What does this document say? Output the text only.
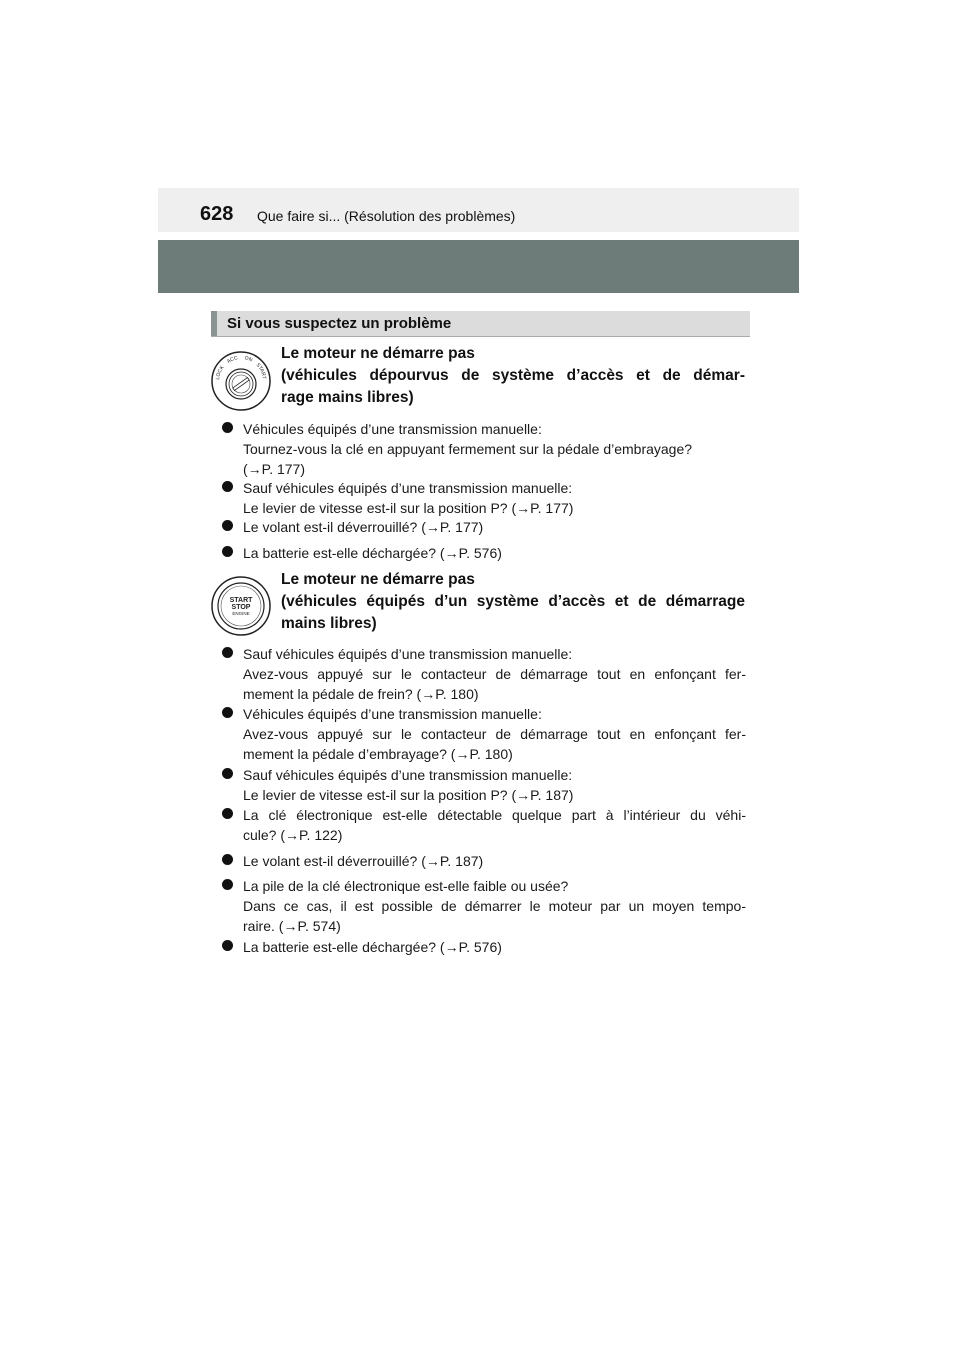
628 Que faire si... (Résolution des problèmes)
Si vous suspectez un problème
LOCK
ACC ON
START
Le moteur ne démarre pas
(véhicules dépourvus de système d’accès et de démar-
rage mains libres)
Véhicules équipés d’une transmission manuelle:
Tournez-vous la clé en appuyant fermement sur la pédale d’embrayage?
(→P. 177)
Sauf véhicules équipés d’une transmission manuelle:
Le levier de vitesse est-il sur la position P? (→P. 177)
Le volant est-il déverrouillé? (→P. 177)
La batterie est-elle déchargée? (→P. 576)
START
STOP
ENGINE
Le moteur ne démarre pas
(véhicules équipés d’un système d’accès et de démarrage
mains libres)
Sauf véhicules équipés d’une transmission manuelle:
Avez-vous appuyé sur le contacteur de démarrage tout en enfonçant fer-
mement la pédale de frein? (→P. 180)
Véhicules équipés d’une transmission manuelle:
Avez-vous appuyé sur le contacteur de démarrage tout en enfonçant fer-
mement la pédale d’embrayage? (→P. 180)
Sauf véhicules équipés d’une transmission manuelle:
Le levier de vitesse est-il sur la position P? (→P. 187)
La clé électronique est-elle détectable quelque part à l’intérieur du véhi-
cule? (→P. 122)
Le volant est-il déverrouillé? (→P. 187)
La pile de la clé électronique est-elle faible ou usée?
Dans ce cas, il est possible de démarrer le moteur par un moyen tempo-
raire. (→P. 574)
La batterie est-elle déchargée? (→P. 576)
